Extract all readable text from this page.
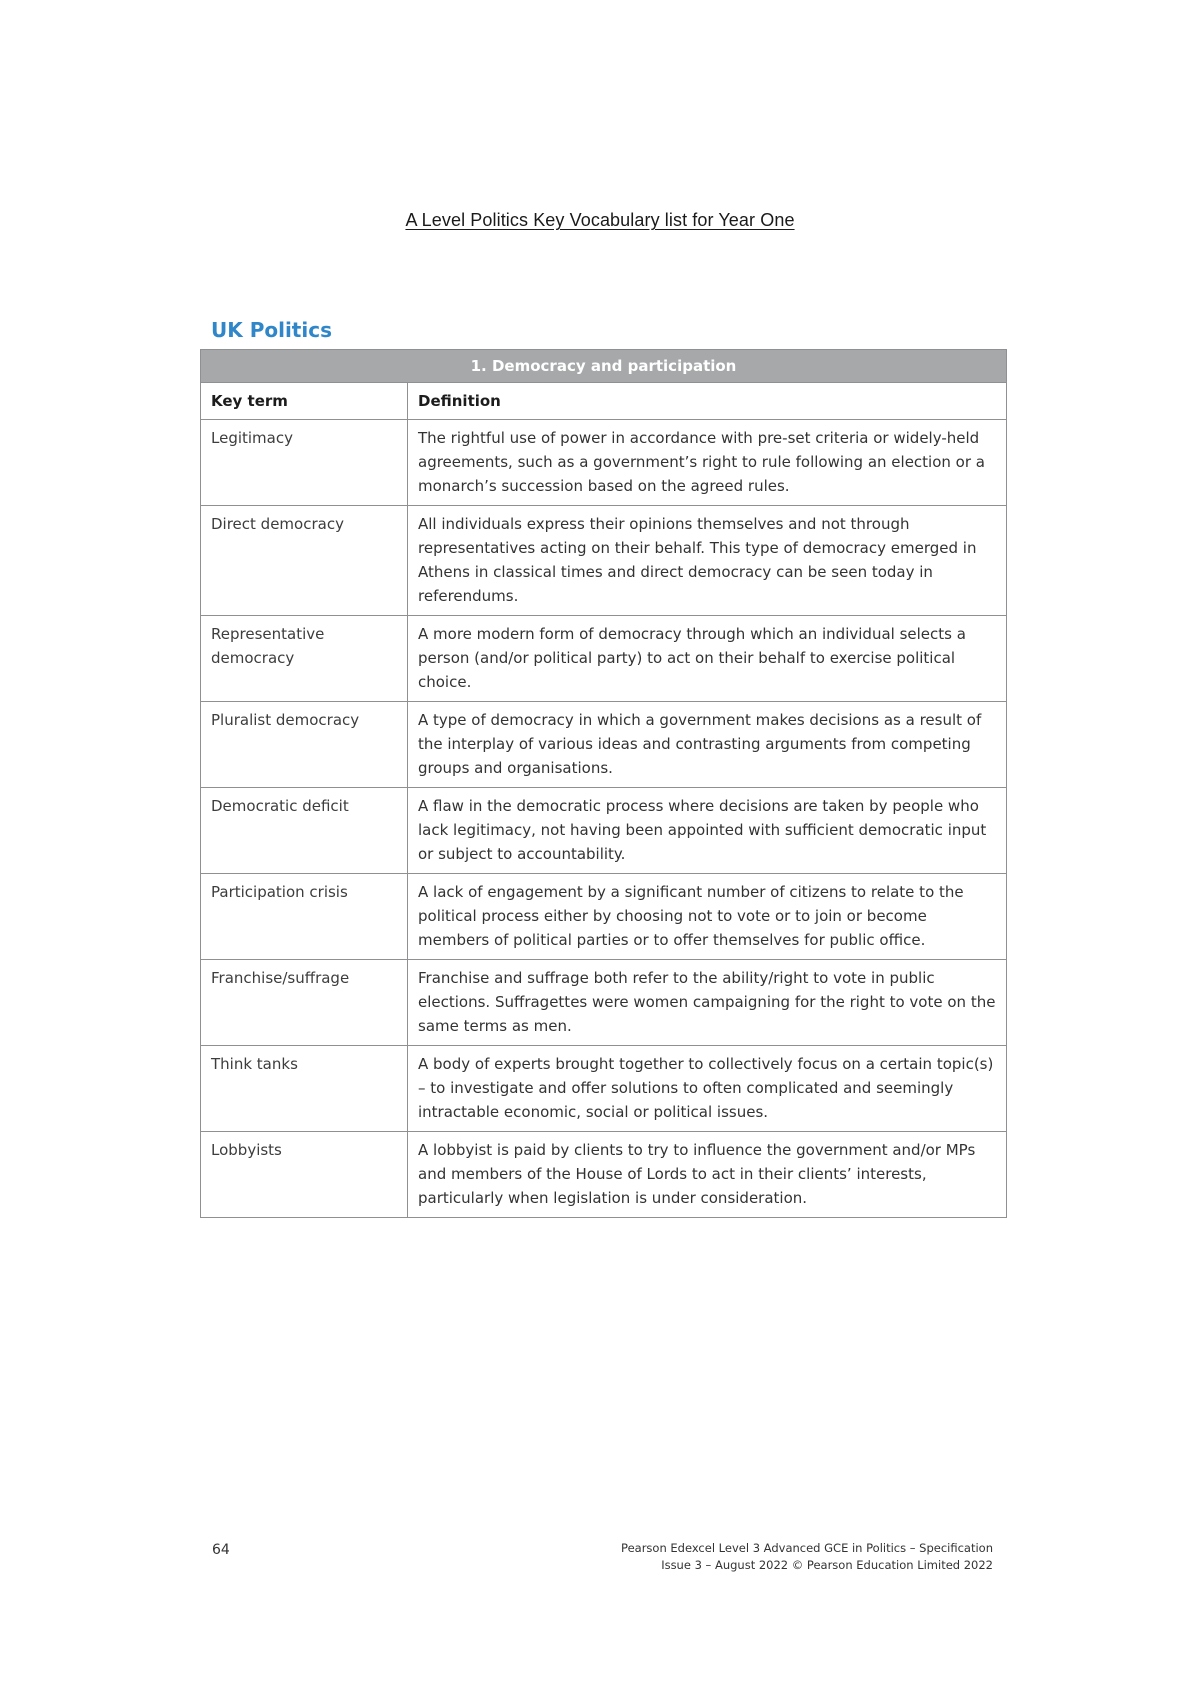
A Level Politics Key Vocabulary list for Year One
UK Politics
1. Democracy and participation	
Key term	Definition
Legitimacy	The rightful use of power in accordance with pre-set criteria or widely-held agreements, such as a government’s right to rule following an election or a monarch’s succession based on the agreed rules.
Direct democracy	All individuals express their opinions themselves and not through representatives acting on their behalf. This type of democracy emerged in Athens in classical times and direct democracy can be seen today in referendums.
Representative democracy	A more modern form of democracy through which an individual selects a person (and/or political party) to act on their behalf to exercise political choice.
Pluralist democracy	A type of democracy in which a government makes decisions as a result of the interplay of various ideas and contrasting arguments from competing groups and organisations.
Democratic deficit	A flaw in the democratic process where decisions are taken by people who lack legitimacy, not having been appointed with sufficient democratic input or subject to accountability.
Participation crisis	A lack of engagement by a significant number of citizens to relate to the political process either by choosing not to vote or to join or become members of political parties or to offer themselves for public office.
Franchise/suffrage	Franchise and suffrage both refer to the ability/right to vote in public elections. Suffragettes were women campaigning for the right to vote on the same terms as men.
Think tanks	A body of experts brought together to collectively focus on a certain topic(s) – to investigate and offer solutions to often complicated and seemingly intractable economic, social or political issues.
Lobbyists	A lobbyist is paid by clients to try to influence the government and/or MPs and members of the House of Lords to act in their clients’ interests, particularly when legislation is under consideration.
64	Pearson Edexcel Level 3 Advanced GCE in Politics – Specification
Issue 3 – August 2022 © Pearson Education Limited 2022
